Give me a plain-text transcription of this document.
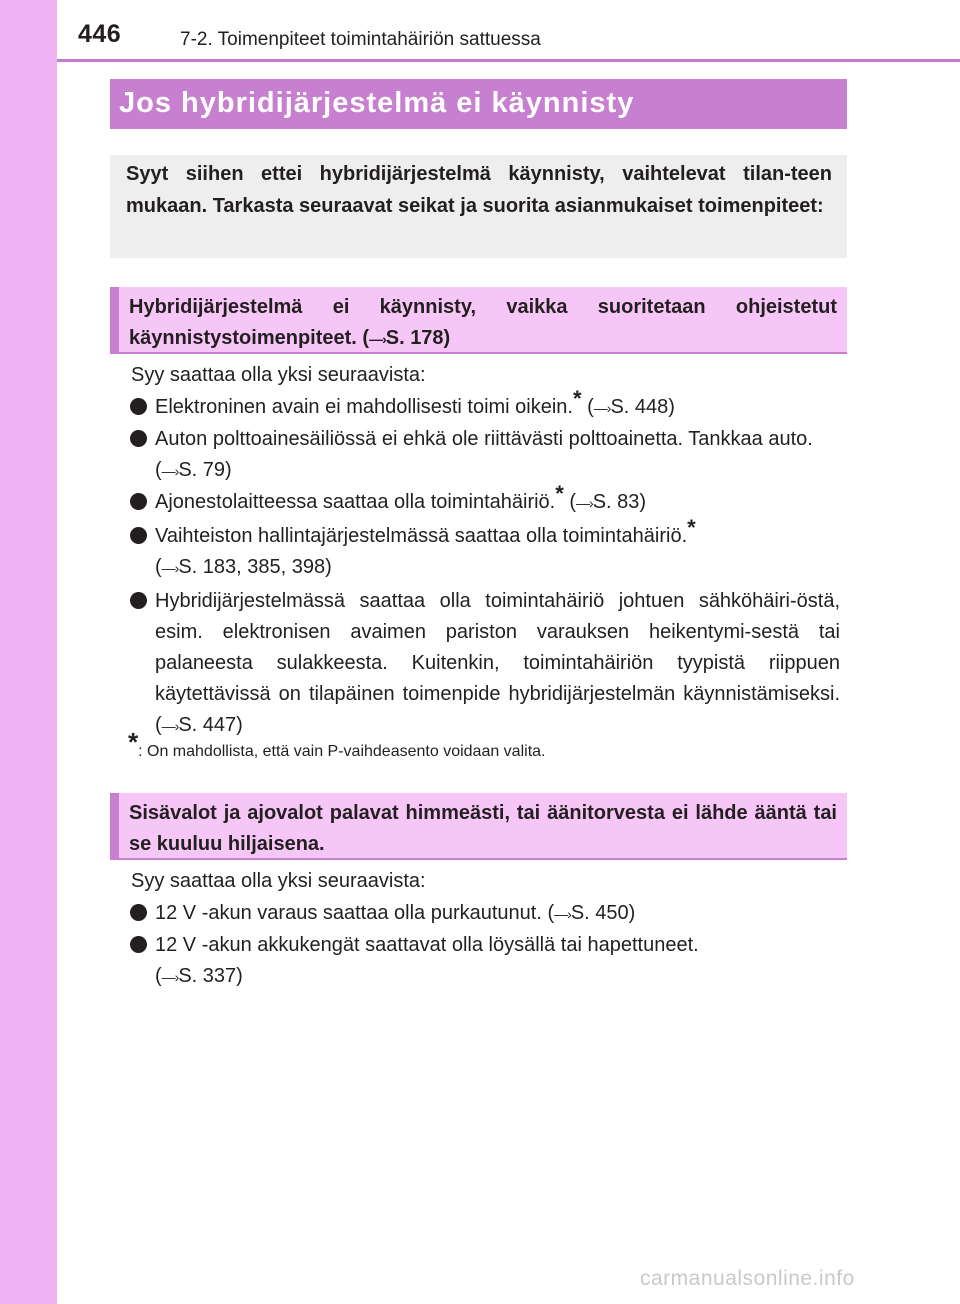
446	7-2. Toimenpiteet toimintahäiriön sattuessa
Jos hybridijärjestelmä ei käynnisty
Syyt siihen ettei hybridijärjestelmä käynnisty, vaihtelevat tilan-teen mukaan. Tarkasta seuraavat seikat ja suorita asianmukaiset toimenpiteet:
Hybridijärjestelmä ei käynnisty, vaikka suoritetaan ohjeistetut käynnistystoimenpiteet. (—›S. 178)
Syy saattaa olla yksi seuraavista:
Elektroninen avain ei mahdollisesti toimi oikein.* (—›S. 448)
Auton polttoainesäiliössä ei ehkä ole riittävästi polttoainetta. Tankkaa auto. (—›S. 79)
Ajonestolaitteessa saattaa olla toimintahäiriö.* (—›S. 83)
Vaihteiston hallintajärjestelmässä saattaa olla toimintahäiriö.*
(—›S. 183, 385, 398)
Hybridijärjestelmässä saattaa olla toimintahäiriö johtuen sähköhäiri-östä, esim. elektronisen avaimen pariston varauksen heikentymi-sestä tai palaneesta sulakkeesta. Kuitenkin, toimintahäiriön tyypistä riippuen käytettävissä on tilapäinen toimenpide hybridijärjestelmän käynnistämiseksi. (—›S. 447)
*: On mahdollista, että vain P-vaihdeasento voidaan valita.
Sisävalot ja ajovalot palavat himmeästi, tai äänitorvesta ei lähde ääntä tai se kuuluu hiljaisena.
Syy saattaa olla yksi seuraavista:
12 V -akun varaus saattaa olla purkautunut. (—›S. 450)
12 V -akun akkukengät saattavat olla löysällä tai hapettuneet.
(—›S. 337)
carmanualsonline.info
